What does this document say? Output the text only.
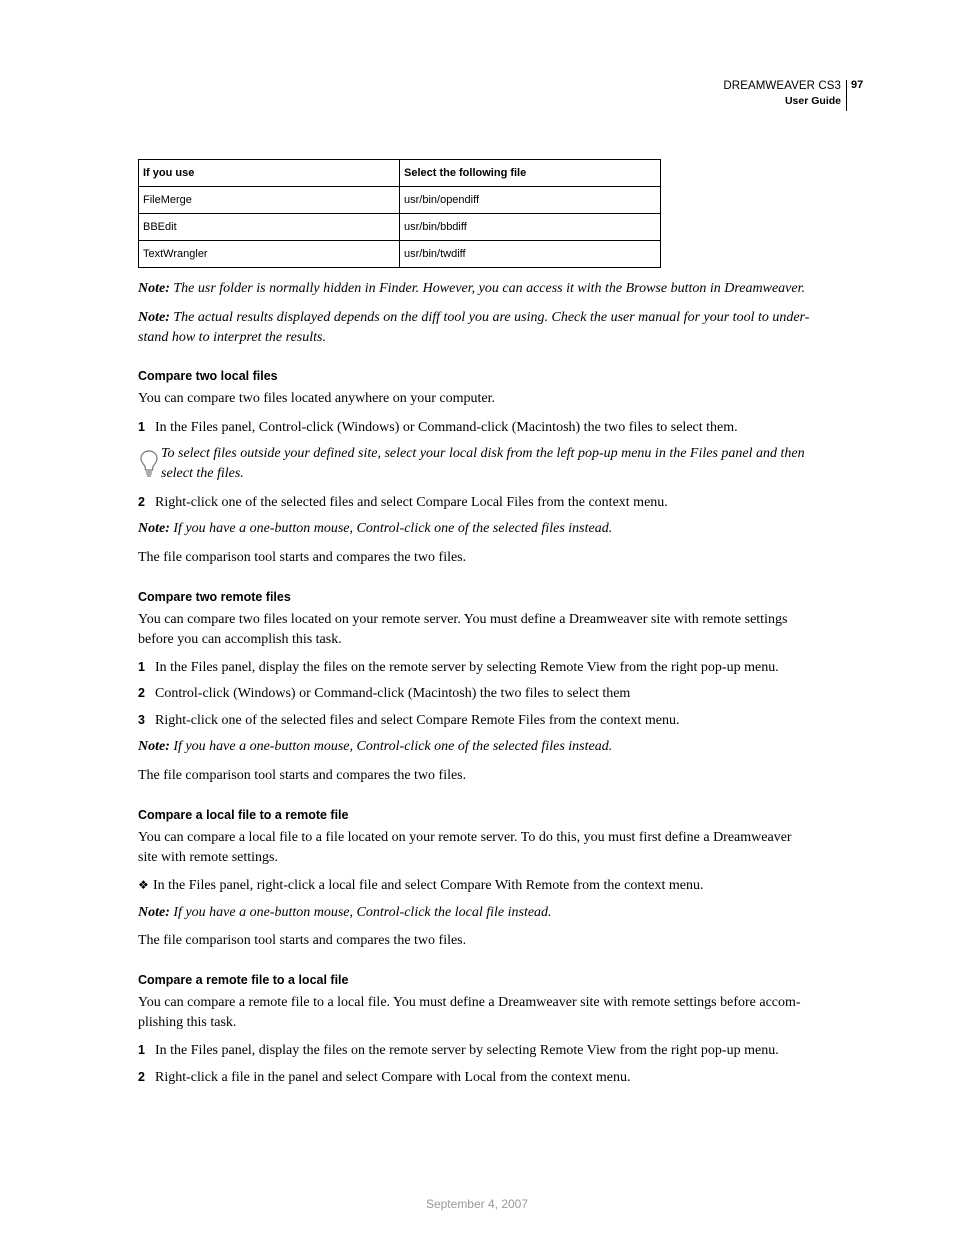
DREAMWEAVER CS3
User Guide
97
If you use	Select the following file
FileMerge	usr/bin/opendiff
BBEdit	usr/bin/bbdiff
TextWrangler	usr/bin/twdiff
Note: The usr folder is normally hidden in Finder. However, you can access it with the Browse button in Dreamweaver.
Note: The actual results displayed depends on the diff tool you are using. Check the user manual for your tool to under-
stand how to interpret the results.
Compare two local files
You can compare two files located anywhere on your computer.
1 In the Files panel, Control-click (Windows) or Command-click (Macintosh) the two files to select them.
To select files outside your defined site, select your local disk from the left pop-up menu in the Files panel and then
select the files.
2 Right-click one of the selected files and select Compare Local Files from the context menu.
Note: If you have a one-button mouse, Control-click one of the selected files instead.
The file comparison tool starts and compares the two files.
Compare two remote files
You can compare two files located on your remote server. You must define a Dreamweaver site with remote settings
before you can accomplish this task.
1 In the Files panel, display the files on the remote server by selecting Remote View from the right pop-up menu.
2 Control-click (Windows) or Command-click (Macintosh) the two files to select them
3 Right-click one of the selected files and select Compare Remote Files from the context menu.
Note: If you have a one-button mouse, Control-click one of the selected files instead.
The file comparison tool starts and compares the two files.
Compare a local file to a remote file
You can compare a local file to a file located on your remote server. To do this, you must first define a Dreamweaver
site with remote settings.
❖ In the Files panel, right-click a local file and select Compare With Remote from the context menu.
Note: If you have a one-button mouse, Control-click the local file instead.
The file comparison tool starts and compares the two files.
Compare a remote file to a local file
You can compare a remote file to a local file. You must define a Dreamweaver site with remote settings before accom-
plishing this task.
1 In the Files panel, display the files on the remote server by selecting Remote View from the right pop-up menu.
2 Right-click a file in the panel and select Compare with Local from the context menu.
September 4, 2007
